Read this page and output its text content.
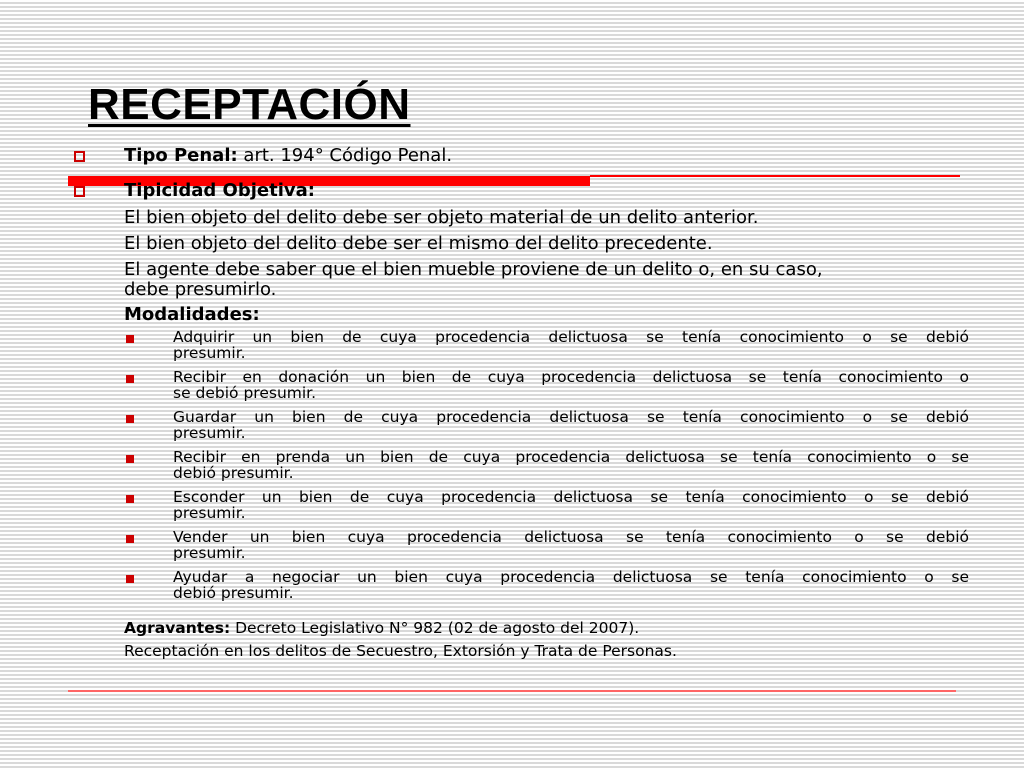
RECEPTACIÓN
Tipo Penal: art. 194° Código Penal.
Tipicidad Objetiva:
El bien objeto del delito debe ser objeto material de un delito anterior.
El bien objeto del delito debe ser el mismo del delito precedente.
El agente debe saber que el bien mueble proviene de un delito o, en su caso,
debe presumirlo.
Modalidades:
Adquirir un bien de cuya procedencia delictuosa se tenía conocimiento o se debió
presumir.
Recibir en donación un bien de cuya procedencia delictuosa se tenía conocimiento o
se debió presumir.
Guardar un bien de cuya procedencia delictuosa se tenía conocimiento o se debió
presumir.
Recibir en prenda un bien de cuya procedencia delictuosa se tenía conocimiento o se
debió presumir.
Esconder un bien de cuya procedencia delictuosa se tenía conocimiento o se debió
presumir.
Vender un bien cuya procedencia delictuosa se tenía conocimiento o se debió
presumir.
Ayudar a negociar un bien cuya procedencia delictuosa se tenía conocimiento o se
debió presumir.
Agravantes: Decreto Legislativo N° 982 (02 de agosto del 2007).
Receptación en los delitos de Secuestro, Extorsión y Trata de Personas.
